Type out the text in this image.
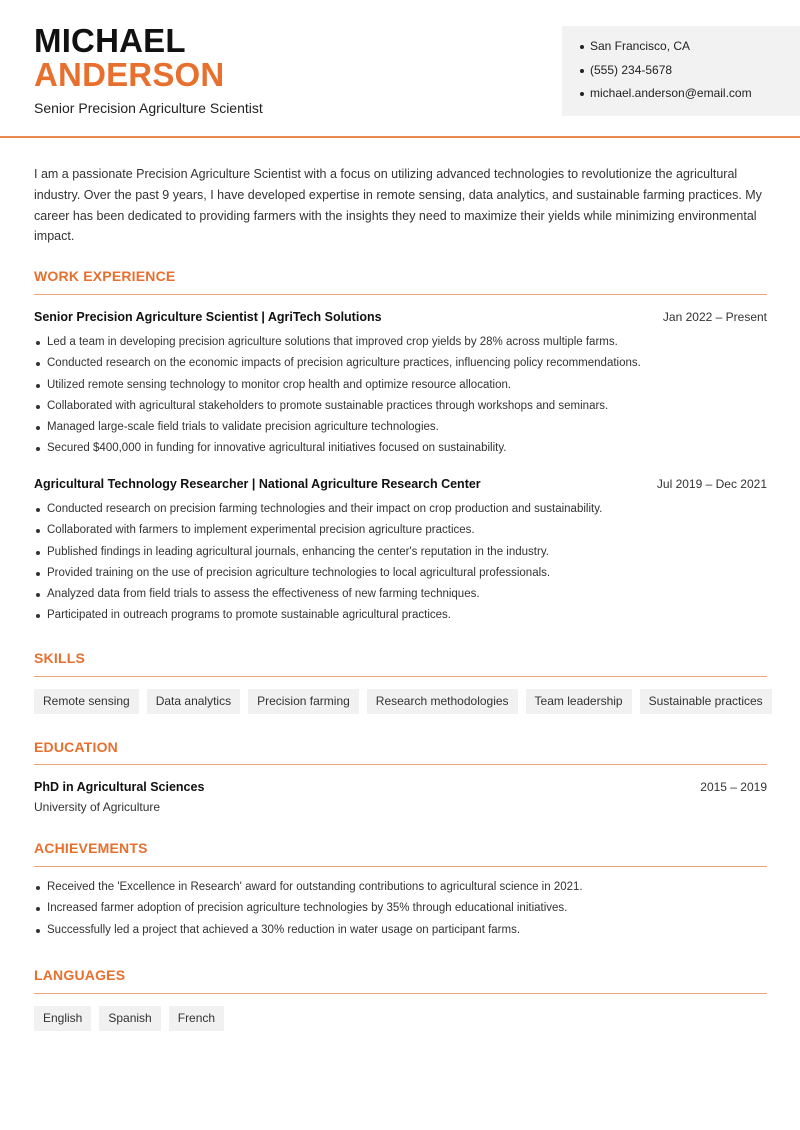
MICHAEL
ANDERSON
Senior Precision Agriculture Scientist
San Francisco, CA
(555) 234-5678
michael.anderson@email.com

I am a passionate Precision Agriculture Scientist with a focus on utilizing advanced technologies to revolutionize the agricultural industry. Over the past 9 years, I have developed expertise in remote sensing, data analytics, and sustainable farming practices. My career has been dedicated to providing farmers with the insights they need to maximize their yields while minimizing environmental impact.

WORK EXPERIENCE
Senior Precision Agriculture Scientist | AgriTech Solutions	Jan 2022 – Present
Led a team in developing precision agriculture solutions that improved crop yields by 28% across multiple farms.
Conducted research on the economic impacts of precision agriculture practices, influencing policy recommendations.
Utilized remote sensing technology to monitor crop health and optimize resource allocation.
Collaborated with agricultural stakeholders to promote sustainable practices through workshops and seminars.
Managed large-scale field trials to validate precision agriculture technologies.
Secured $400,000 in funding for innovative agricultural initiatives focused on sustainability.
Agricultural Technology Researcher | National Agriculture Research Center	Jul 2019 – Dec 2021
Conducted research on precision farming technologies and their impact on crop production and sustainability.
Collaborated with farmers to implement experimental precision agriculture practices.
Published findings in leading agricultural journals, enhancing the center's reputation in the industry.
Provided training on the use of precision agriculture technologies to local agricultural professionals.
Analyzed data from field trials to assess the effectiveness of new farming techniques.
Participated in outreach programs to promote sustainable agricultural practices.
SKILLS
Remote sensing	Data analytics	Precision farming	Research methodologies	Team leadership	Sustainable practices
EDUCATION
PhD in Agricultural Sciences	2015 – 2019
University of Agriculture
ACHIEVEMENTS
Received the 'Excellence in Research' award for outstanding contributions to agricultural science in 2021.
Increased farmer adoption of precision agriculture technologies by 35% through educational initiatives.
Successfully led a project that achieved a 30% reduction in water usage on participant farms.
LANGUAGES
English	Spanish	French
